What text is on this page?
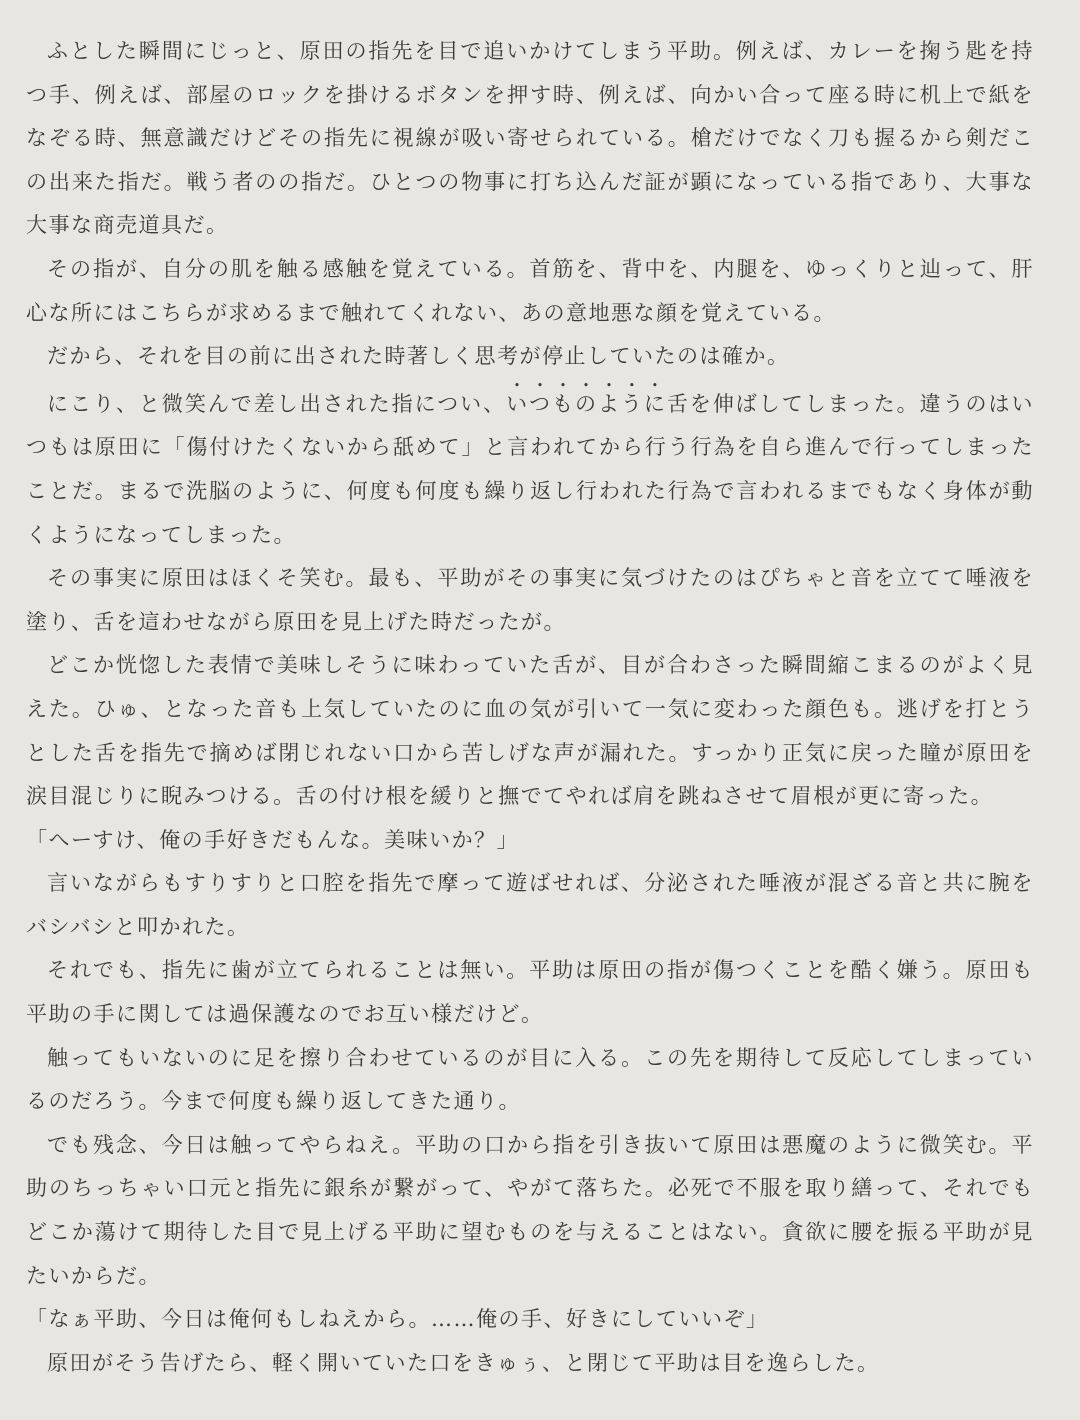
ふとした瞬間にじっと、原田の指先を目で追いかけてしまう平助。例えば、カレーを掬う匙を持つ手、例えば、部屋のロックを掛けるボタンを押す時、例えば、向かい合って座る時に机上で紙をなぞる時、無意識だけどその指先に視線が吸い寄せられている。槍だけでなく刀も握るから剣だこの出来た指だ。戦う者のの指だ。ひとつの物事に打ち込んだ証が顕になっている指であり、大事な大事な商売道具だ。

その指が、自分の肌を触る感触を覚えている。首筋を、背中を、内腿を、ゆっくりと辿って、肝心な所にはこちらが求めるまで触れてくれない、あの意地悪な顔を覚えている。

だから、それを目の前に出された時著しく思考が停止していたのは確か。

にこり、と微笑んで差し出された指につい、いつものように舌を伸ばしてしまった。違うのはいつもは原田に「傷付けたくないから舐めて」と言われてから行う行為を自ら進んで行ってしまったことだ。まるで洗脳のように、何度も何度も繰り返し行われた行為で言われるまでもなく身体が動くようになってしまった。

その事実に原田はほくそ笑む。最も、平助がその事実に気づけたのはぴちゃと音を立てて唾液を塗り、舌を這わせながら原田を見上げた時だったが。

どこか恍惚した表情で美味しそうに味わっていた舌が、目が合わさった瞬間縮こまるのがよく見えた。ひゅ、となった音も上気していたのに血の気が引いて一気に変わった顔色も。逃げを打とうとした舌を指先で摘めば閉じれない口から苦しげな声が漏れた。すっかり正気に戻った瞳が原田を涙目混じりに睨みつける。舌の付け根を緩りと撫でてやれば肩を跳ねさせて眉根が更に寄った。

「へーすけ、俺の手好きだもんな。美味いか？」

言いながらもすりすりと口腔を指先で摩って遊ばせれば、分泌された唾液が混ざる音と共に腕をバシバシと叩かれた。

それでも、指先に歯が立てられることは無い。平助は原田の指が傷つくことを酷く嫌う。原田も平助の手に関しては過保護なのでお互い様だけど。

触ってもいないのに足を擦り合わせているのが目に入る。この先を期待して反応してしまっているのだろう。今まで何度も繰り返してきた通り。

でも残念、今日は触ってやらねえ。平助の口から指を引き抜いて原田は悪魔のように微笑む。平助のちっちゃい口元と指先に銀糸が繋がって、やがて落ちた。必死で不服を取り繕って、それでもどこか蕩けて期待した目で見上げる平助に望むものを与えることはない。貪欲に腰を振る平助が見たいからだ。

「なぁ平助、今日は俺何もしねえから。……俺の手、好きにしていいぞ」

原田がそう告げたら、軽く開いていた口をきゅぅ、と閉じて平助は目を逸らした。
